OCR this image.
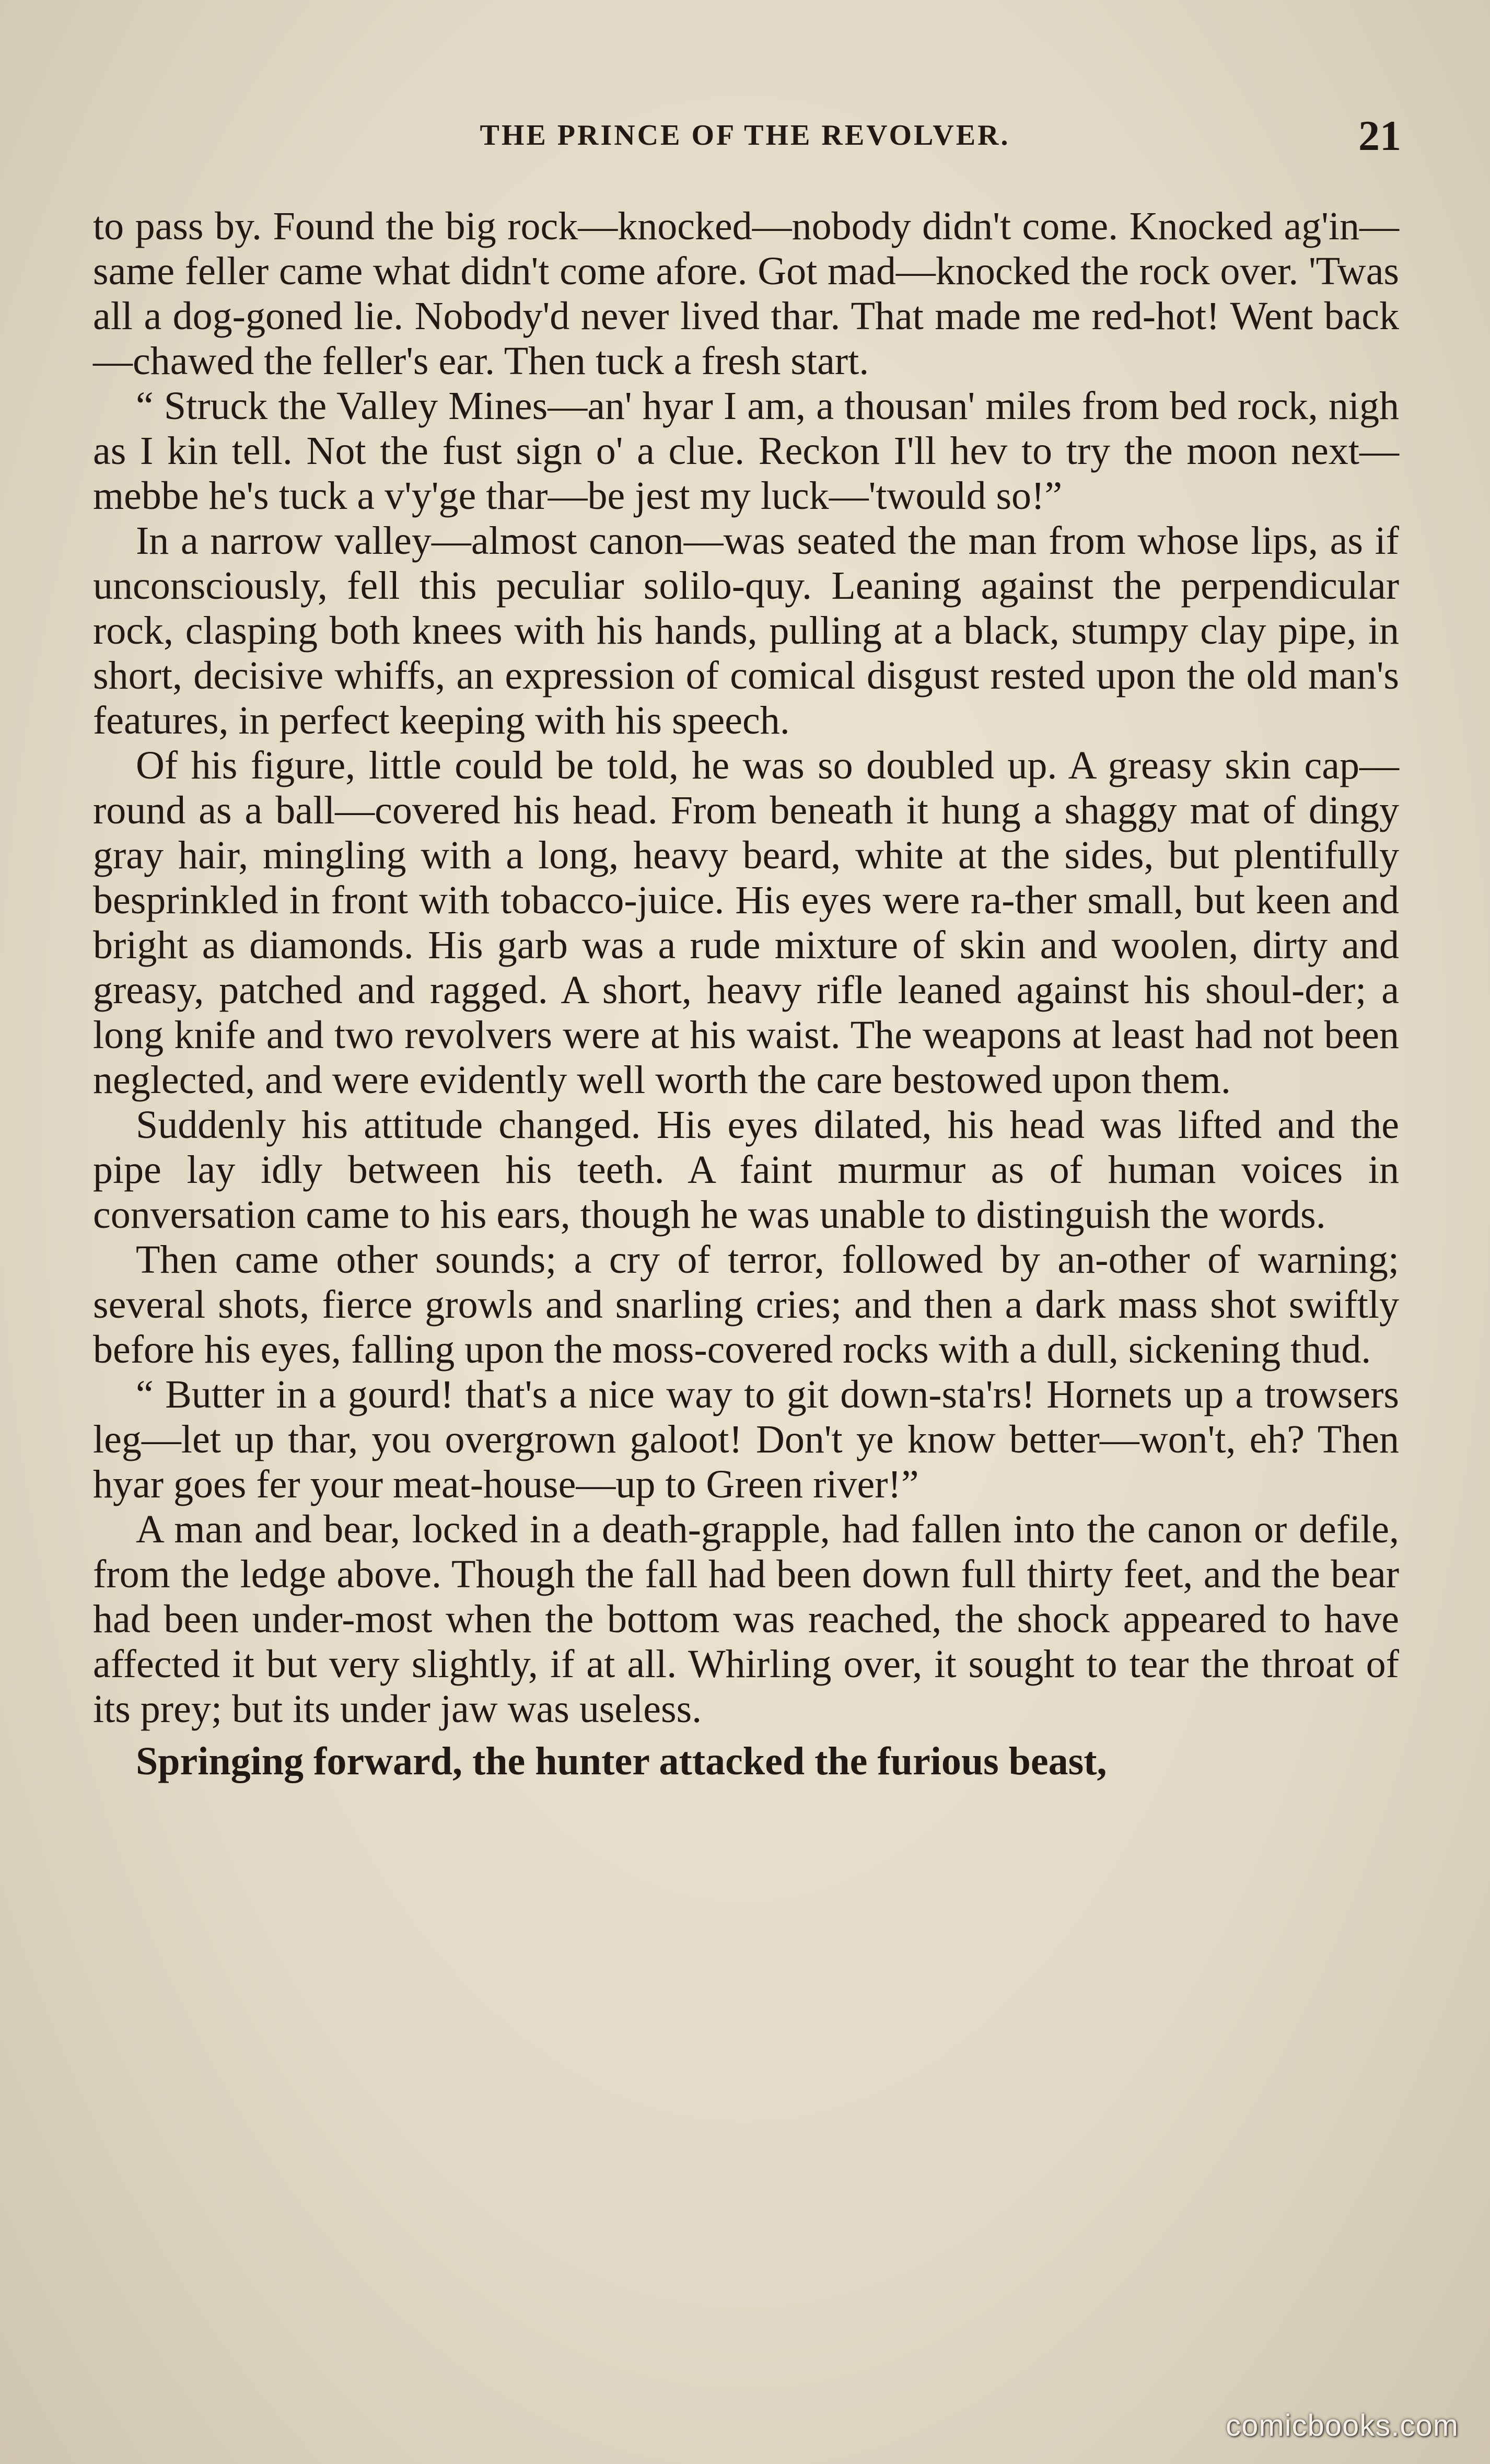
THE PRINCE OF THE REVOLVER.	21

to pass by. Found the big rock—knocked—nobody didn't come. Knocked ag'in—same feller came what didn't come afore. Got mad—knocked the rock over. 'Twas all a dog-goned lie. Nobody'd never lived thar. That made me red-hot! Went back—chawed the feller's ear. Then tuck a fresh start.

“ Struck the Valley Mines—an' hyar I am, a thousan' miles from bed rock, nigh as I kin tell. Not the fust sign o' a clue. Reckon I'll hev to try the moon next—mebbe he's tuck a v'y'ge thar—be jest my luck—'twould so!”

In a narrow valley—almost canon—was seated the man from whose lips, as if unconsciously, fell this peculiar solilo-quy. Leaning against the perpendicular rock, clasping both knees with his hands, pulling at a black, stumpy clay pipe, in short, decisive whiffs, an expression of comical disgust rested upon the old man's features, in perfect keeping with his speech.

Of his figure, little could be told, he was so doubled up. A greasy skin cap—round as a ball—covered his head. From beneath it hung a shaggy mat of dingy gray hair, mingling with a long, heavy beard, white at the sides, but plentifully besprinkled in front with tobacco-juice. His eyes were ra-ther small, but keen and bright as diamonds. His garb was a rude mixture of skin and woolen, dirty and greasy, patched and ragged. A short, heavy rifle leaned against his shoul-der; a long knife and two revolvers were at his waist. The weapons at least had not been neglected, and were evidently well worth the care bestowed upon them.

Suddenly his attitude changed. His eyes dilated, his head was lifted and the pipe lay idly between his teeth. A faint murmur as of human voices in conversation came to his ears, though he was unable to distinguish the words.

Then came other sounds; a cry of terror, followed by an-other of warning; several shots, fierce growls and snarling cries; and then a dark mass shot swiftly before his eyes, falling upon the moss-covered rocks with a dull, sickening thud.

“ Butter in a gourd! that's a nice way to git down-sta'rs! Hornets up a trowsers leg—let up thar, you overgrown galoot! Don't ye know better—won't, eh? Then hyar goes fer your meat-house—up to Green river!”

A man and bear, locked in a death-grapple, had fallen into the canon or defile, from the ledge above. Though the fall had been down full thirty feet, and the bear had been under-most when the bottom was reached, the shock appeared to have affected it but very slightly, if at all. Whirling over, it sought to tear the throat of its prey; but its under jaw was useless.

Springing forward, the hunter attacked the furious beast,

comicbooks.com
